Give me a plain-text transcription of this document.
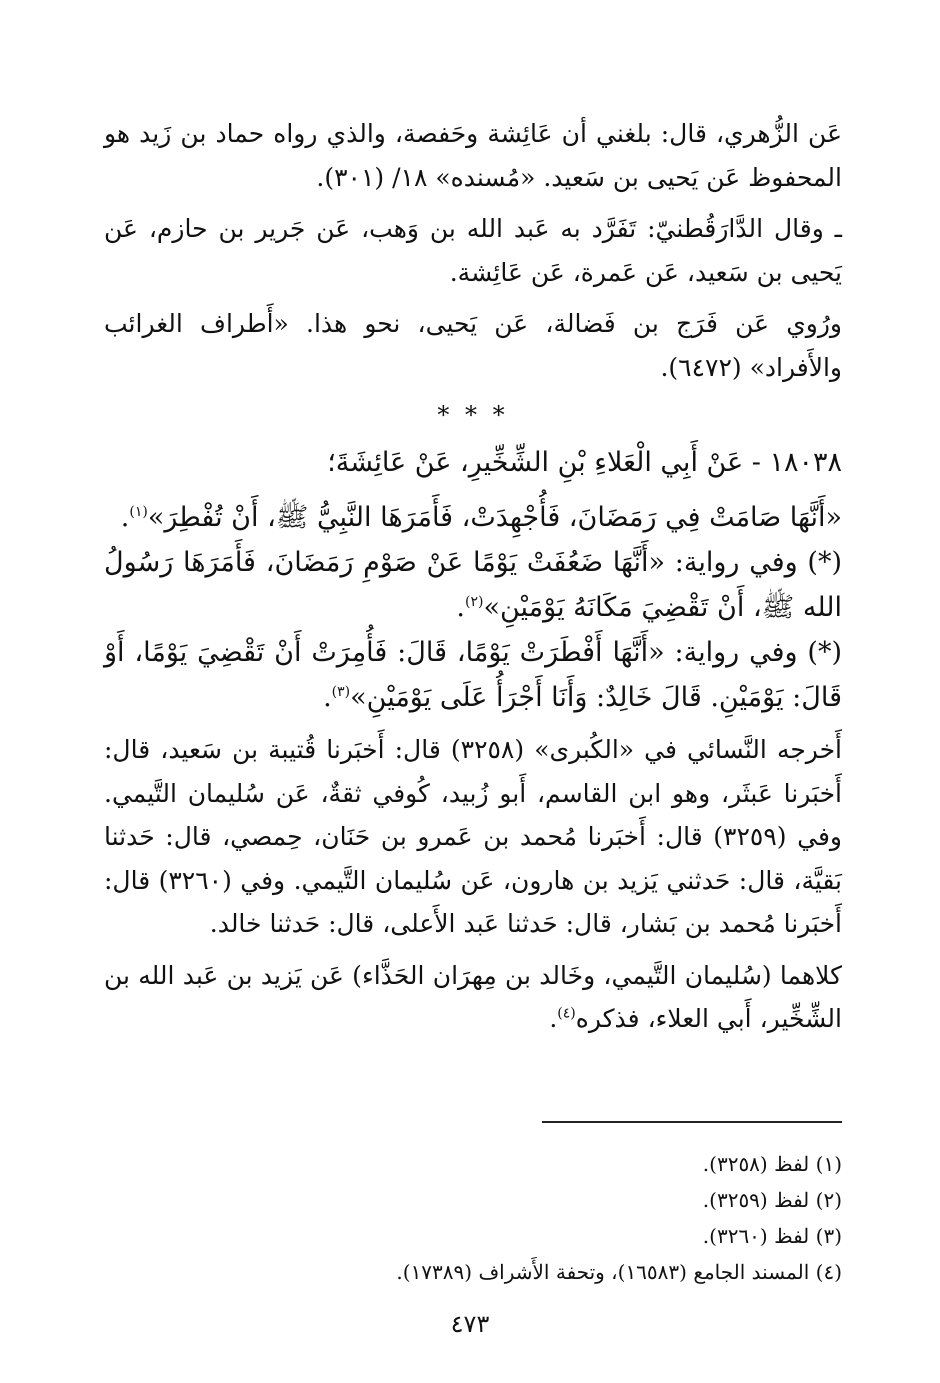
عَن الزُّهري، قال: بلغني أن عَائِشة وحَفصة، والذي رواه حماد بن زَيد هو المحفوظ عَن يَحيى بن سَعيد. «مُسنده» ١٨/ (٣٠١).

ـ وقال الدَّارَقُطنيّ: تَفَرَّد به عَبد الله بن وَهب، عَن جَرير بن حازم، عَن يَحيى بن سَعيد، عَن عَمرة، عَن عَائِشة.

ورُوي عَن فَرَج بن فَضالة، عَن يَحيى، نحو هذا. «أَطراف الغرائب والأَفراد» (٦٤٧٢).

* * *

١٨٠٣٨ - عَنْ أَبِي الْعَلاءِ بْنِ الشِّخِّيرِ، عَنْ عَائِشَةَ؛

«أَنَّهَا صَامَتْ فِي رَمَضَانَ، فَأُجْهِدَتْ، فَأَمَرَهَا النَّبِيُّ ﷺ، أَنْ تُفْطِرَ»$^{(١)}$.

(*) وفي رواية: «أَنَّهَا ضَعُفَتْ يَوْمًا عَنْ صَوْمِ رَمَضَانَ، فَأَمَرَهَا رَسُولُ الله ﷺ، أَنْ تَقْضِيَ مَكَانَهُ يَوْمَيْنِ»$^{(٢)}$.

(*) وفي رواية: «أَنَّهَا أَفْطَرَتْ يَوْمًا، قَالَ: فَأُمِرَتْ أَنْ تَقْضِيَ يَوْمًا، أَوْ قَالَ: يَوْمَيْنِ. قَالَ خَالِدٌ: وَأَنَا أَجْرَأُ عَلَى يَوْمَيْنِ»$^{(٣)}$.

أَخرجه النَّسائي في «الكُبرى» (٣٢٥٨) قال: أَخبَرنا قُتيبة بن سَعيد، قال: أَخبَرنا عَبثَر، وهو ابن القاسم، أَبو زُبيد، كُوفي ثقةٌ، عَن سُليمان التَّيمي. وفي (٣٢٥٩) قال: أَخبَرنا مُحمد بن عَمرو بن حَنَان، حِمصي، قال: حَدثنا بَقيَّة، قال: حَدثني يَزيد بن هارون، عَن سُليمان التَّيمي. وفي (٣٢٦٠) قال: أَخبَرنا مُحمد بن بَشار، قال: حَدثنا عَبد الأَعلى، قال: حَدثنا خالد.

كلاهما (سُليمان التَّيمي، وخَالد بن مِهرَان الحَذَّاء) عَن يَزيد بن عَبد الله بن الشِّخِّير، أَبي العلاء، فذكره$^{(٤)}$.

(١) لفظ (٣٢٥٨).
(٢) لفظ (٣٢٥٩).
(٣) لفظ (٣٢٦٠).
(٤) المسند الجامع (١٦٥٨٣)، وتحفة الأَشراف (١٧٣٨٩).
٤٧٣
